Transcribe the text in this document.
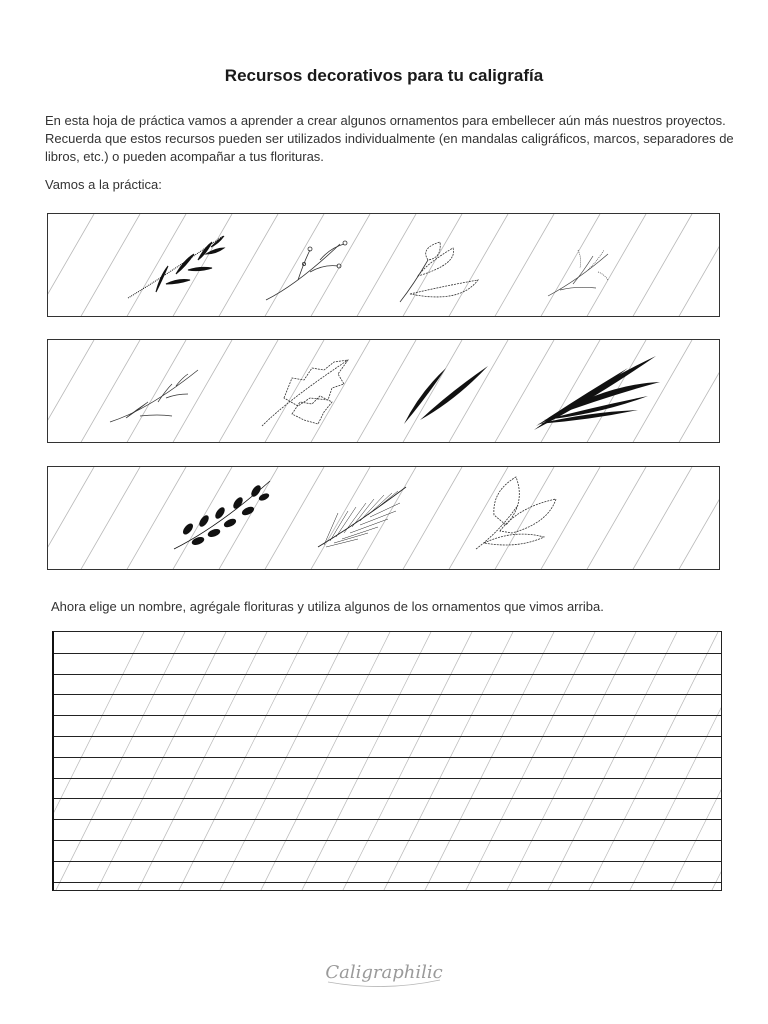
Recursos decorativos para tu caligrafía
En esta hoja de práctica vamos a aprender a crear algunos ornamentos para embellecer aún más nuestros proyectos. Recuerda que estos recursos pueden ser utilizados individualmente (en mandalas caligráficos, marcos, separadores de libros, etc.) o pueden acompañar a tus florituras.
Vamos a la práctica:
Ahora elige un nombre, agrégale florituras y utiliza algunos de los ornamentos que vimos arriba.
Caligraphilic
